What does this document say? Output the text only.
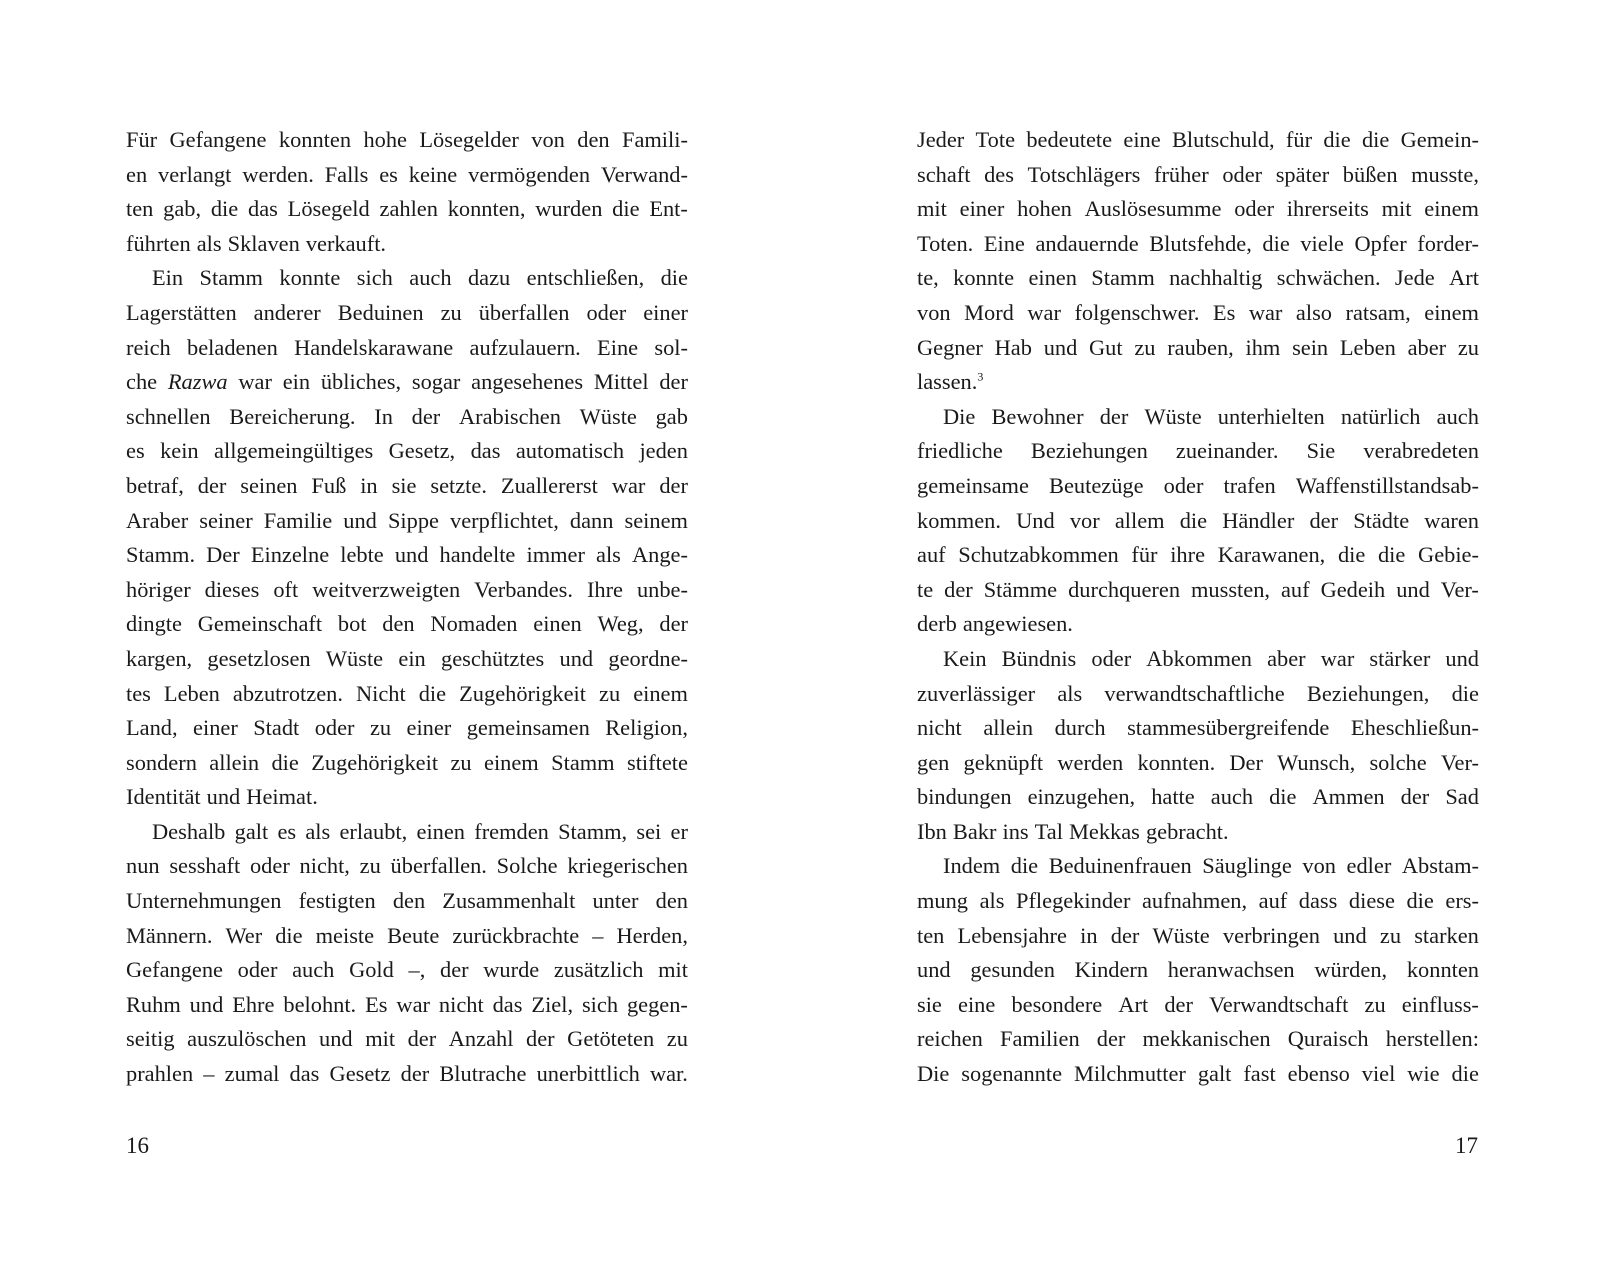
Für Gefangene konnten hohe Lösegelder von den Famili-
en verlangt werden. Falls es keine vermögenden Verwand-
ten gab, die das Lösegeld zahlen konnten, wurden die Ent-
führten als Sklaven verkauft.
Ein Stamm konnte sich auch dazu entschließen, die
Lagerstätten anderer Beduinen zu überfallen oder einer
reich beladenen Handelskarawane aufzulauern. Eine sol-
che Razwa war ein übliches, sogar angesehenes Mittel der
schnellen Bereicherung. In der Arabischen Wüste gab
es kein allgemeingültiges Gesetz, das automatisch jeden
betraf, der seinen Fuß in sie setzte. Zuallererst war der
Araber seiner Familie und Sippe verpflichtet, dann seinem
Stamm. Der Einzelne lebte und handelte immer als Ange-
höriger dieses oft weitverzweigten Verbandes. Ihre unbe-
dingte Gemeinschaft bot den Nomaden einen Weg, der
kargen, gesetzlosen Wüste ein geschütztes und geordne-
tes Leben abzutrotzen. Nicht die Zugehörigkeit zu einem
Land, einer Stadt oder zu einer gemeinsamen Religion,
sondern allein die Zugehörigkeit zu einem Stamm stiftete
Identität und Heimat.
Deshalb galt es als erlaubt, einen fremden Stamm, sei er
nun sesshaft oder nicht, zu überfallen. Solche kriegerischen
Unternehmungen festigten den Zusammenhalt unter den
Männern. Wer die meiste Beute zurückbrachte – Herden,
Gefangene oder auch Gold –, der wurde zusätzlich mit
Ruhm und Ehre belohnt. Es war nicht das Ziel, sich gegen-
seitig auszulöschen und mit der Anzahl der Getöteten zu
prahlen – zumal das Gesetz der Blutrache unerbittlich war.
Jeder Tote bedeutete eine Blutschuld, für die die Gemein-
schaft des Totschlägers früher oder später büßen musste,
mit einer hohen Auslösesumme oder ihrerseits mit einem
Toten. Eine andauernde Blutsfehde, die viele Opfer forder-
te, konnte einen Stamm nachhaltig schwächen. Jede Art
von Mord war folgenschwer. Es war also ratsam, einem
Gegner Hab und Gut zu rauben, ihm sein Leben aber zu
lassen.$^3$
Die Bewohner der Wüste unterhielten natürlich auch
friedliche Beziehungen zueinander. Sie verabredeten
gemeinsame Beutezüge oder trafen Waffenstillstandsab-
kommen. Und vor allem die Händler der Städte waren
auf Schutzabkommen für ihre Karawanen, die die Gebie-
te der Stämme durchqueren mussten, auf Gedeih und Ver-
derb angewiesen.
Kein Bündnis oder Abkommen aber war stärker und
zuverlässiger als verwandtschaftliche Beziehungen, die
nicht allein durch stammesübergreifende Eheschließun-
gen geknüpft werden konnten. Der Wunsch, solche Ver-
bindungen einzugehen, hatte auch die Ammen der Sad
Ibn Bakr ins Tal Mekkas gebracht.
Indem die Beduinenfrauen Säuglinge von edler Abstam-
mung als Pflegekinder aufnahmen, auf dass diese die ers-
ten Lebensjahre in der Wüste verbringen und zu starken
und gesunden Kindern heranwachsen würden, konnten
sie eine besondere Art der Verwandtschaft zu einfluss-
reichen Familien der mekkanischen Quraisch herstellen:
Die sogenannte Milchmutter galt fast ebenso viel wie die
16	17
